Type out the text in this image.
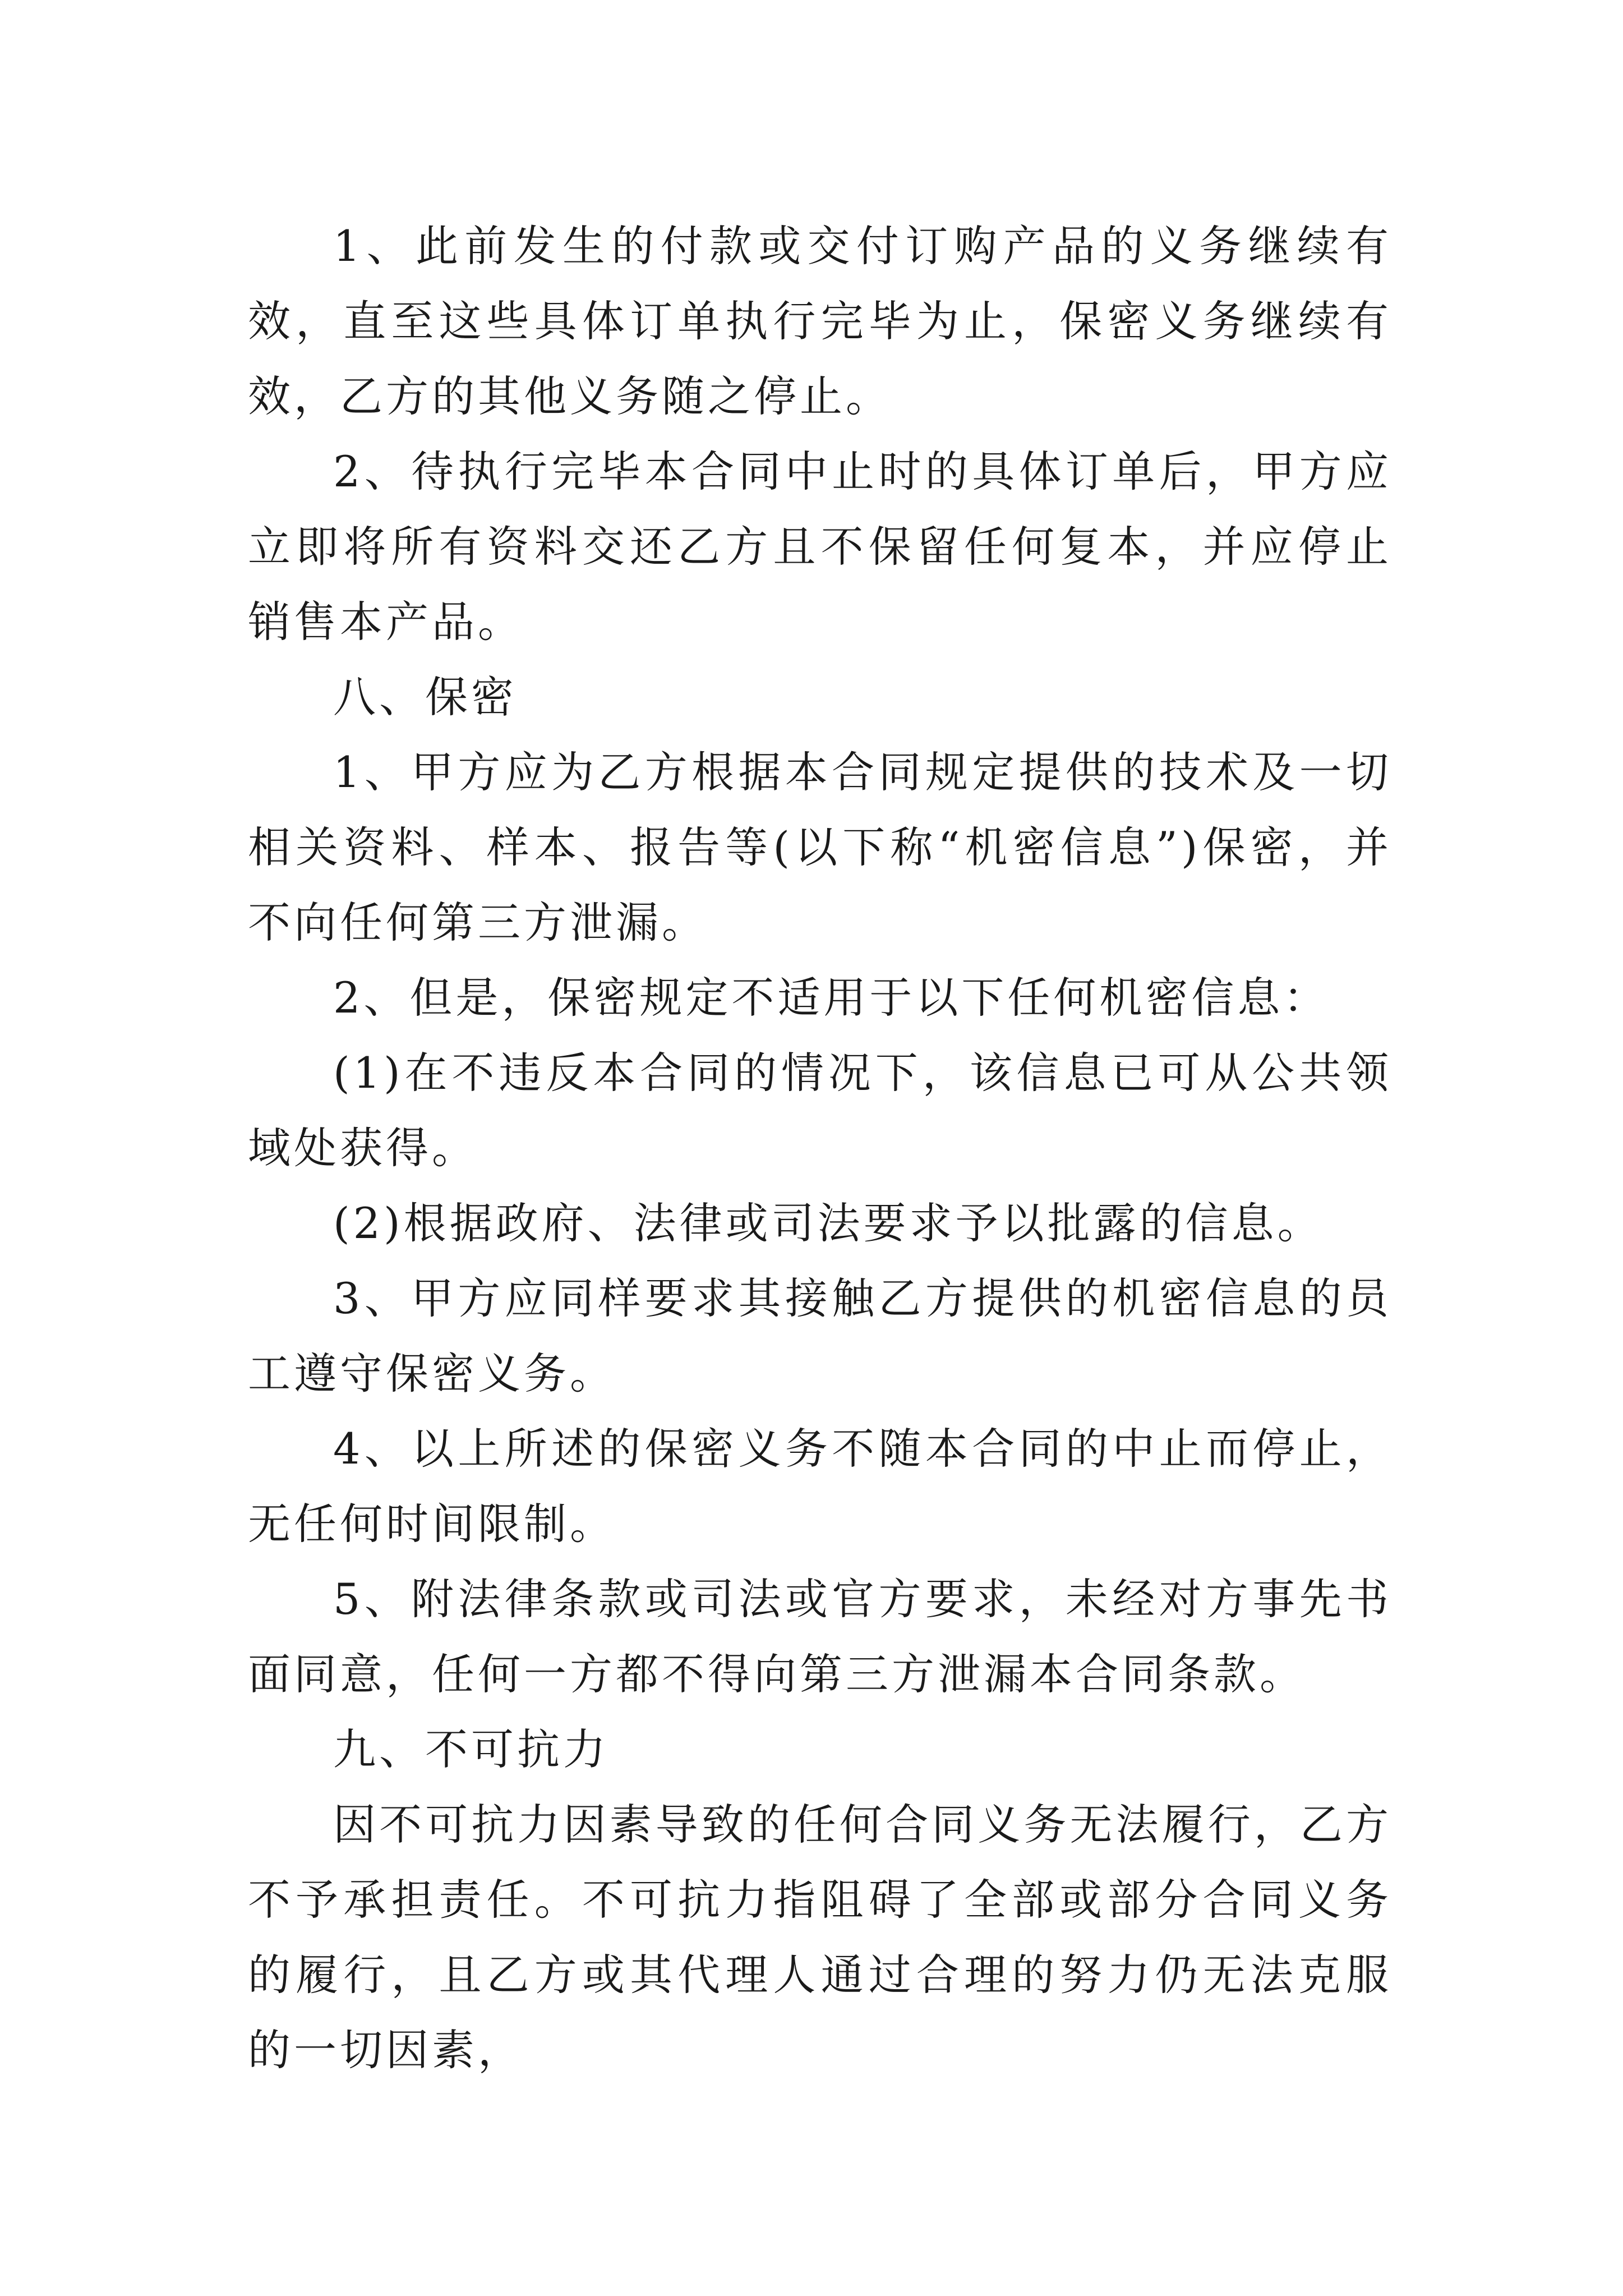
1、此前发生的付款或交付订购产品的义务继续有效，直至这些具体订单执行完毕为止，保密义务继续有效，乙方的其他义务随之停止。

2、待执行完毕本合同中止时的具体订单后，甲方应立即将所有资料交还乙方且不保留任何复本，并应停止销售本产品。

八、保密

1、甲方应为乙方根据本合同规定提供的技术及一切相关资料、样本、报告等(以下称“机密信息”)保密，并不向任何第三方泄漏。

2、但是，保密规定不适用于以下任何机密信息：

(1)在不违反本合同的情况下，该信息已可从公共领域处获得。

(2)根据政府、法律或司法要求予以批露的信息。

3、甲方应同样要求其接触乙方提供的机密信息的员工遵守保密义务。

4、以上所述的保密义务不随本合同的中止而停止，无任何时间限制。

5、附法律条款或司法或官方要求，未经对方事先书面同意，任何一方都不得向第三方泄漏本合同条款。

九、不可抗力

因不可抗力因素导致的任何合同义务无法履行，乙方不予承担责任。不可抗力指阻碍了全部或部分合同义务的履行，且乙方或其代理人通过合理的努力仍无法克服的一切因素，
